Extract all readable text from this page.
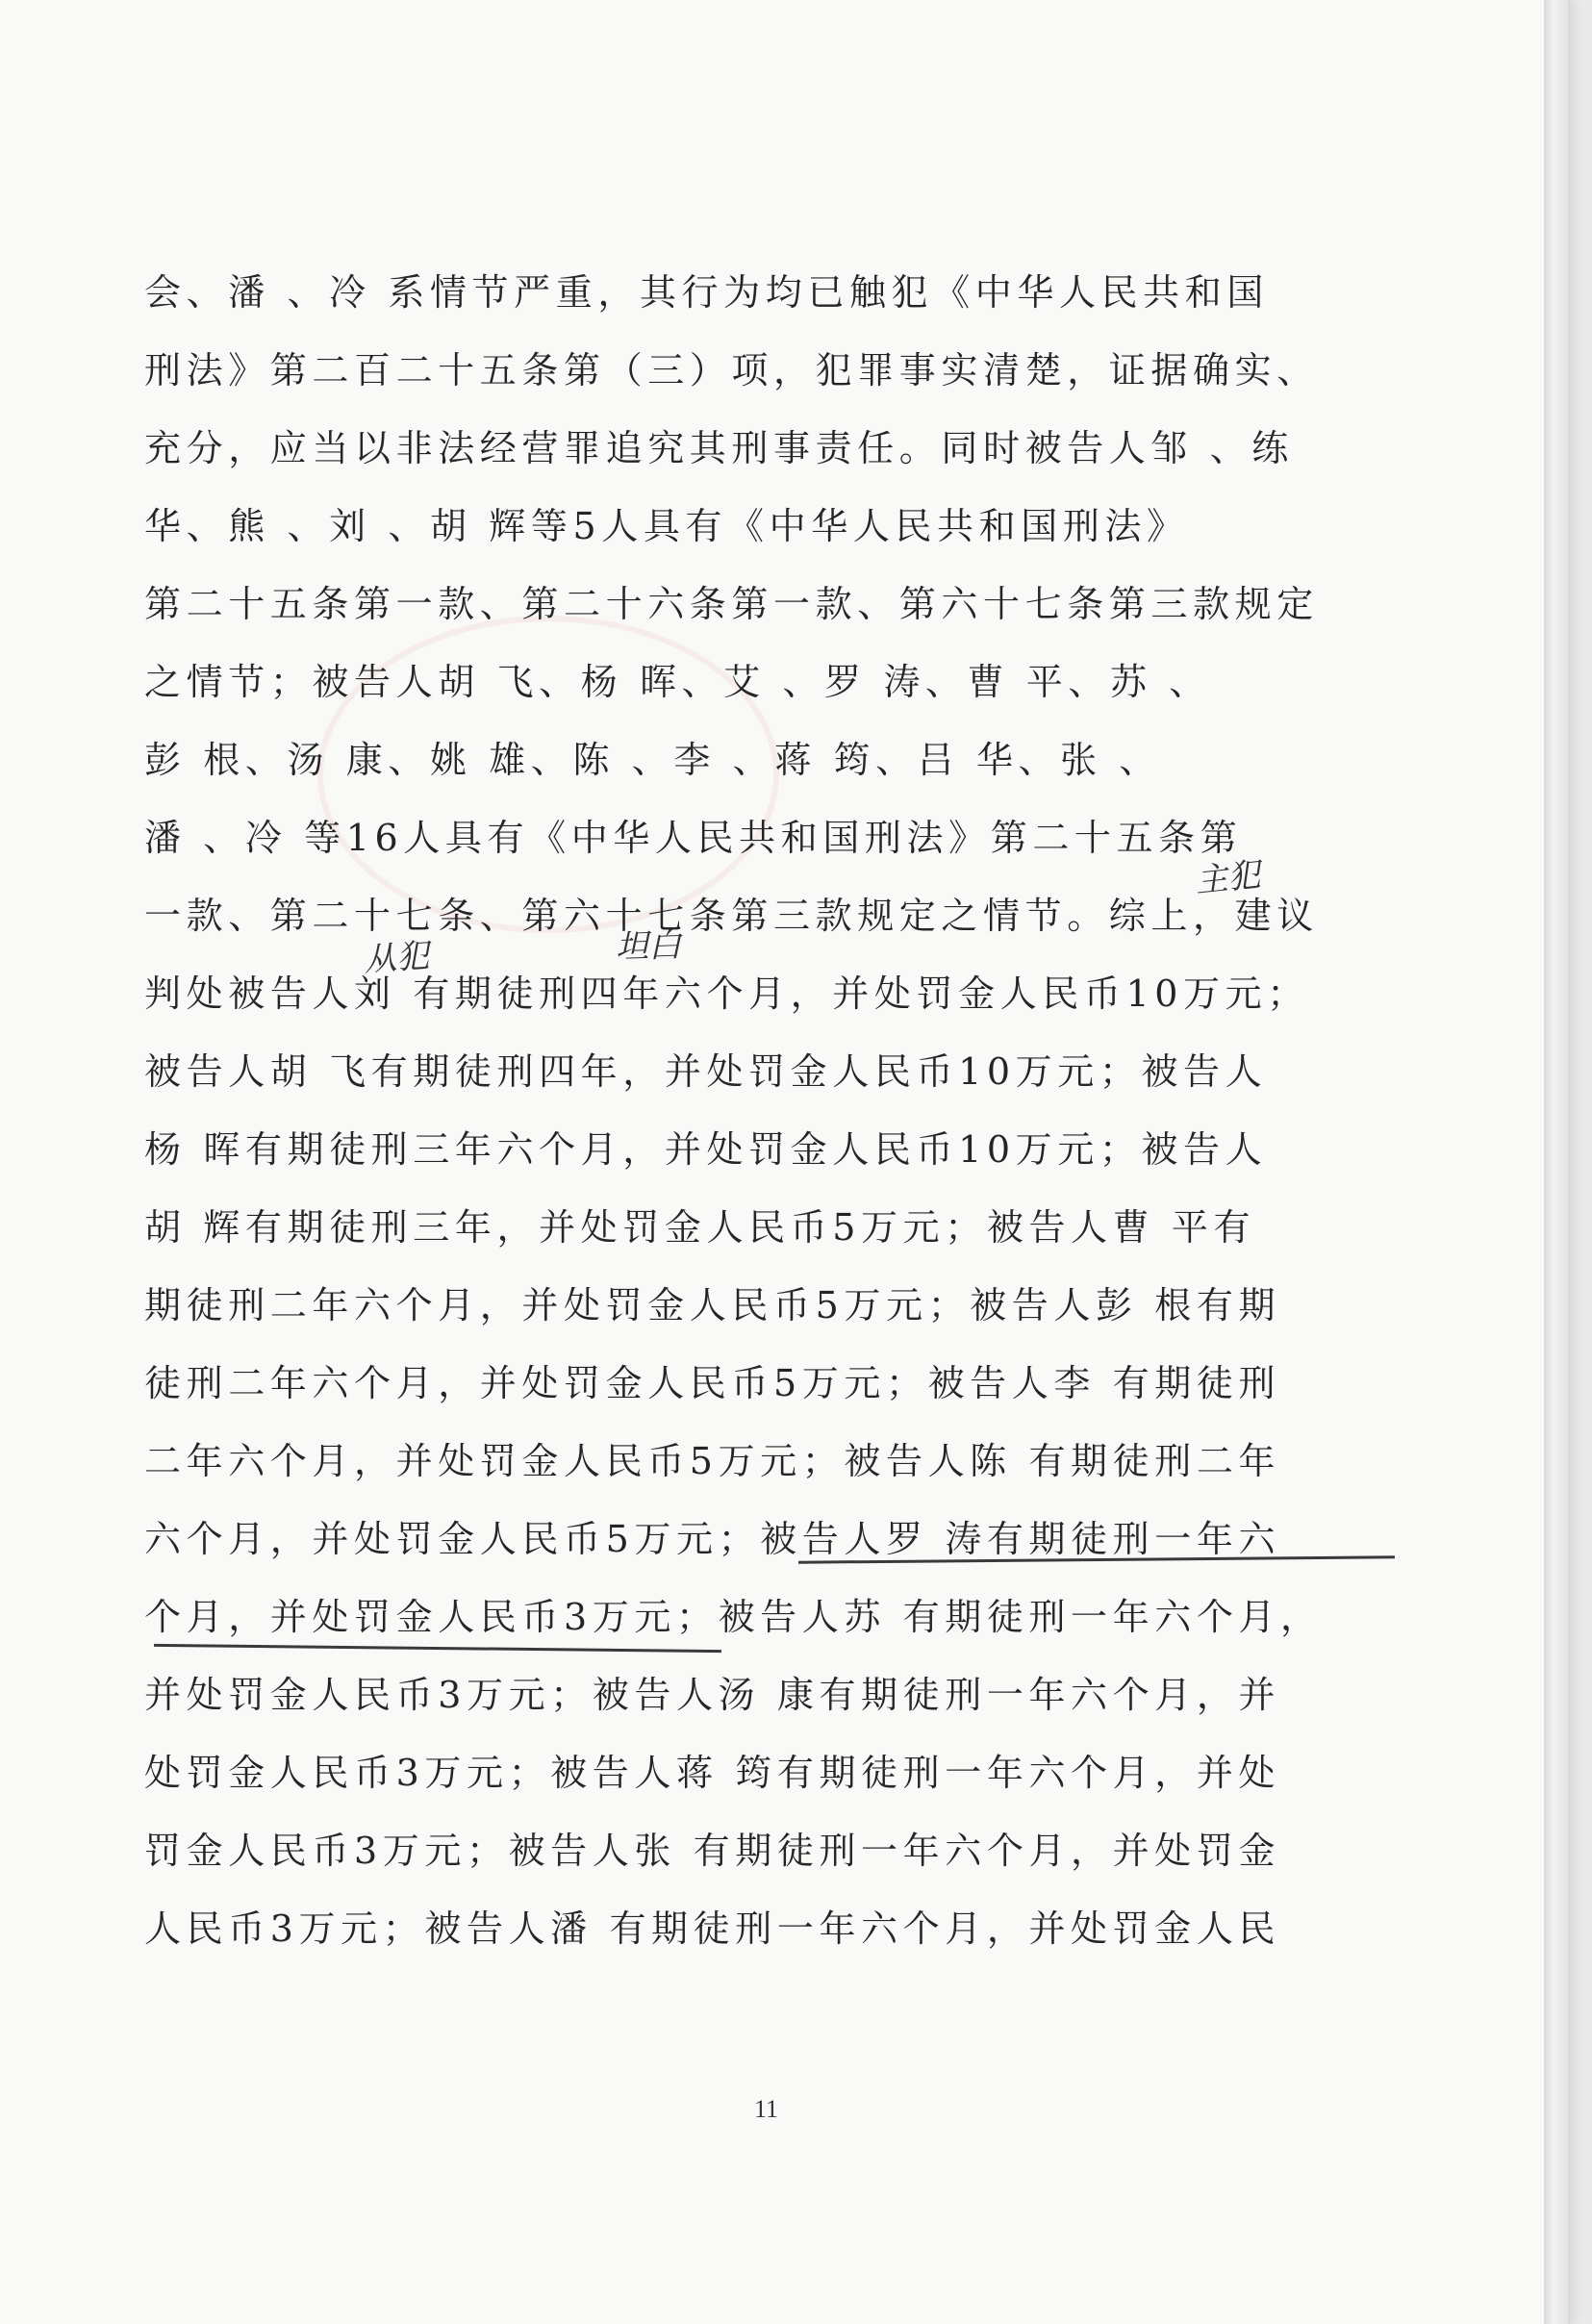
会、潘 、冷 系情节严重，其行为均已触犯《中华人民共和国
刑法》第二百二十五条第（三）项，犯罪事实清楚，证据确实、
充分，应当以非法经营罪追究其刑事责任。同时被告人邹 、练
华、熊 、刘 、胡 辉等5人具有《中华人民共和国刑法》
第二十五条第一款、第二十六条第一款、第六十七条第三款规定
之情节；被告人胡 飞、杨 晖、艾 、罗 涛、曹 平、苏 、
彭 根、汤 康、姚 雄、陈 、李 、蒋 筠、吕 华、张 、
潘 、冷 等16人具有《中华人民共和国刑法》第二十五条第
一款、第二十七条、第六十七条第三款规定之情节。综上，建议
判处被告人刘 有期徒刑四年六个月，并处罚金人民币10万元；
被告人胡 飞有期徒刑四年，并处罚金人民币10万元；被告人
杨 晖有期徒刑三年六个月，并处罚金人民币10万元；被告人
胡 辉有期徒刑三年，并处罚金人民币5万元；被告人曹 平有
期徒刑二年六个月，并处罚金人民币5万元；被告人彭 根有期
徒刑二年六个月，并处罚金人民币5万元；被告人李 有期徒刑
二年六个月，并处罚金人民币5万元；被告人陈 有期徒刑二年
六个月，并处罚金人民币5万元；被告人罗 涛有期徒刑一年六
个月，并处罚金人民币3万元；被告人苏 有期徒刑一年六个月，
并处罚金人民币3万元；被告人汤 康有期徒刑一年六个月，并
处罚金人民币3万元；被告人蒋 筠有期徒刑一年六个月，并处
罚金人民币3万元；被告人张 有期徒刑一年六个月，并处罚金
人民币3万元；被告人潘 有期徒刑一年六个月，并处罚金人民
主犯
从犯	坦白
11
